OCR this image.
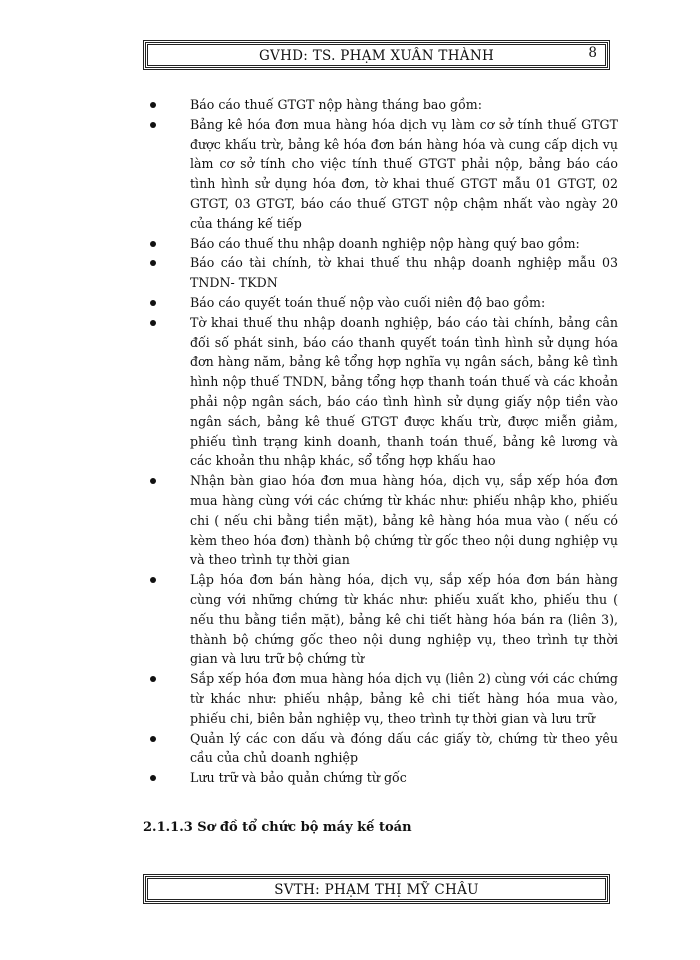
GVHD: TS. PHẠM XUÂN THÀNH	8
Báo cáo thuế GTGT nộp hàng tháng bao gồm:
Bảng kê hóa đơn mua hàng hóa dịch vụ làm cơ sở tính thuế GTGT được khấu trừ, bảng kê hóa đơn bán hàng hóa và cung cấp dịch vụ làm cơ sở tính cho việc tính thuế GTGT phải nộp, bảng báo cáo tình hình sử dụng hóa đơn, tờ khai thuế GTGT mẫu 01 GTGT, 02 GTGT, 03 GTGT, báo cáo thuế GTGT nộp chậm nhất vào ngày 20 của tháng kế tiếp
Báo cáo thuế thu nhập doanh nghiệp nộp hàng quý bao gồm:
Báo cáo tài chính, tờ khai thuế thu nhập doanh nghiệp mẫu 03 TNDN- TKDN
Báo cáo quyết toán thuế nộp vào cuối niên độ bao gồm:
Tờ khai thuế thu nhập doanh nghiệp, báo cáo tài chính, bảng cân đối số phát sinh, báo cáo thanh quyết toán tình hình sử dụng hóa đơn hàng năm, bảng kê tổng hợp nghĩa vụ ngân sách, bảng kê tình hình nộp thuế TNDN, bảng tổng hợp thanh toán thuế và các khoản phải nộp ngân sách, báo cáo tình hình sử dụng giấy nộp tiền vào ngân sách, bảng kê thuế GTGT được khấu trừ, được miễn giảm, phiếu tình trạng kinh doanh, thanh toán thuế, bảng kê lương và các khoản thu nhập khác, sổ tổng hợp khấu hao
Nhận bàn giao hóa đơn mua hàng hóa, dịch vụ, sắp xếp hóa đơn mua hàng cùng với các chứng từ khác như: phiếu nhập kho, phiếu chi ( nếu chi bằng tiền mặt), bảng kê hàng hóa mua vào ( nếu có kèm theo hóa đơn) thành bộ chứng từ gốc theo nội dung nghiệp vụ và theo trình tự thời gian
Lập hóa đơn bán hàng hóa, dịch vụ, sắp xếp hóa đơn bán hàng cùng với những chứng từ khác như: phiếu xuất kho, phiếu thu ( nếu thu bằng tiền mặt), bảng kê chi tiết hàng hóa bán ra (liên 3), thành bộ chứng gốc theo nội dung nghiệp vụ, theo trình tự thời gian và lưu trữ bộ chứng từ
Sắp xếp hóa đơn mua hàng hóa dịch vụ (liên 2) cùng với các chứng từ khác như: phiếu nhập, bảng kê chi tiết hàng hóa mua vào, phiếu chi, biên bản nghiệp vụ, theo trình tự thời gian và lưu trữ
Quản lý các con dấu và đóng dấu các giấy tờ, chứng từ theo yêu cầu của chủ doanh nghiệp
Lưu trữ và bảo quản chứng từ gốc
2.1.1.3 Sơ đồ tổ chức bộ máy kế toán
SVTH: PHẠM THỊ MỸ CHÂU
